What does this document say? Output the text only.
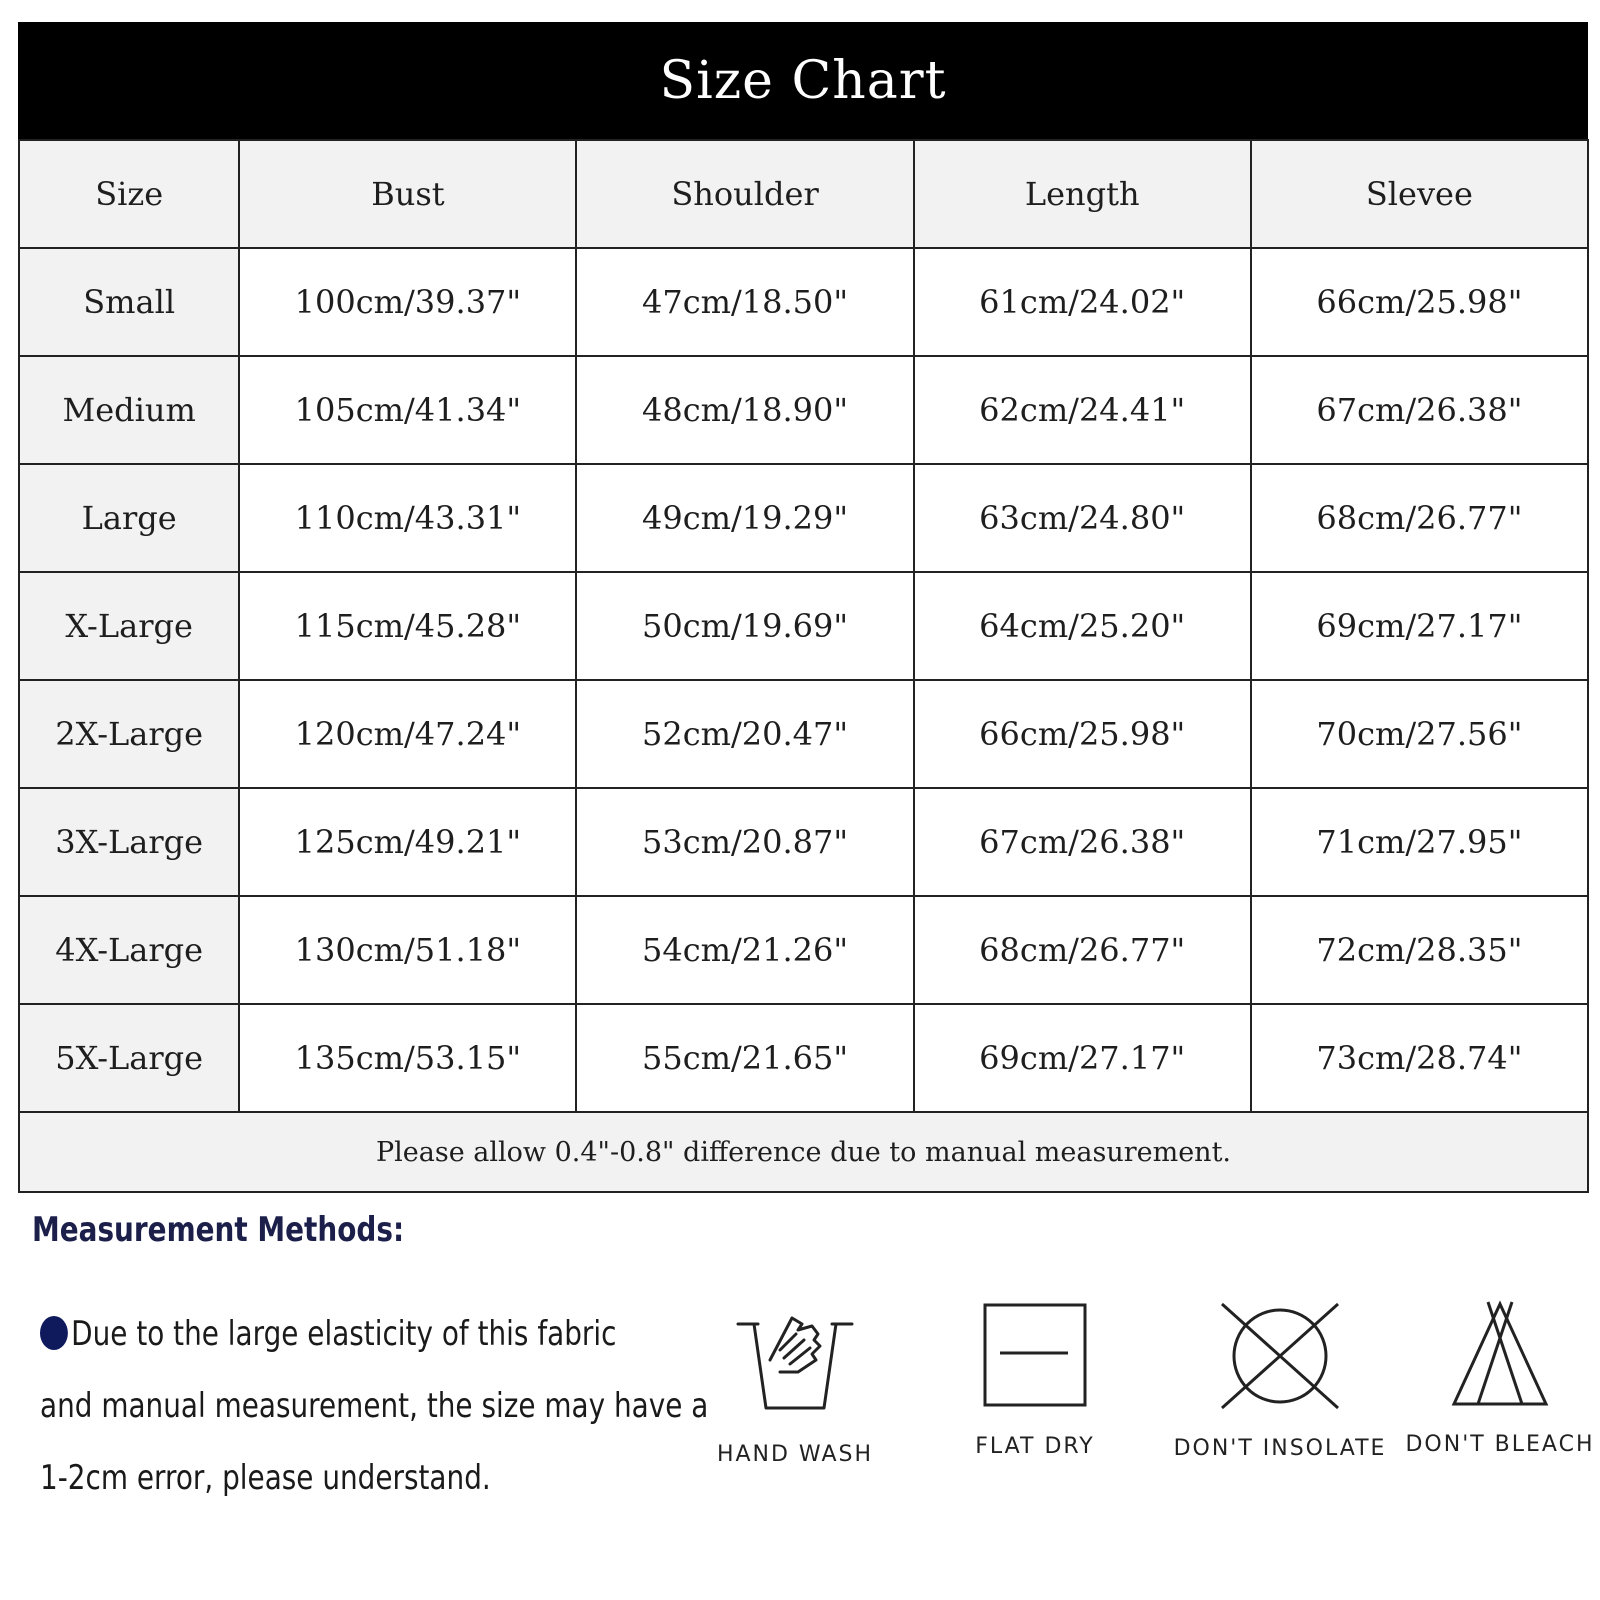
Size Chart
Size	Bust	Shoulder	Length	Slevee
Small	100cm/39.37"	47cm/18.50"	61cm/24.02"	66cm/25.98"
Medium	105cm/41.34"	48cm/18.90"	62cm/24.41"	67cm/26.38"
Large	110cm/43.31"	49cm/19.29"	63cm/24.80"	68cm/26.77"
X-Large	115cm/45.28"	50cm/19.69"	64cm/25.20"	69cm/27.17"
2X-Large	120cm/47.24"	52cm/20.47"	66cm/25.98"	70cm/27.56"
3X-Large	125cm/49.21"	53cm/20.87"	67cm/26.38"	71cm/27.95"
4X-Large	130cm/51.18"	54cm/21.26"	68cm/26.77"	72cm/28.35"
5X-Large	135cm/53.15"	55cm/21.65"	69cm/27.17"	73cm/28.74"
Please allow 0.4"-0.8" difference due to manual measurement.				
Measurement Methods:
Due to the large elasticity of this fabric
and manual measurement, the size may have a
1-2cm error, please understand.
HAND WASH	FLAT DRY	DON'T INSOLATE DON'T BLEACH
